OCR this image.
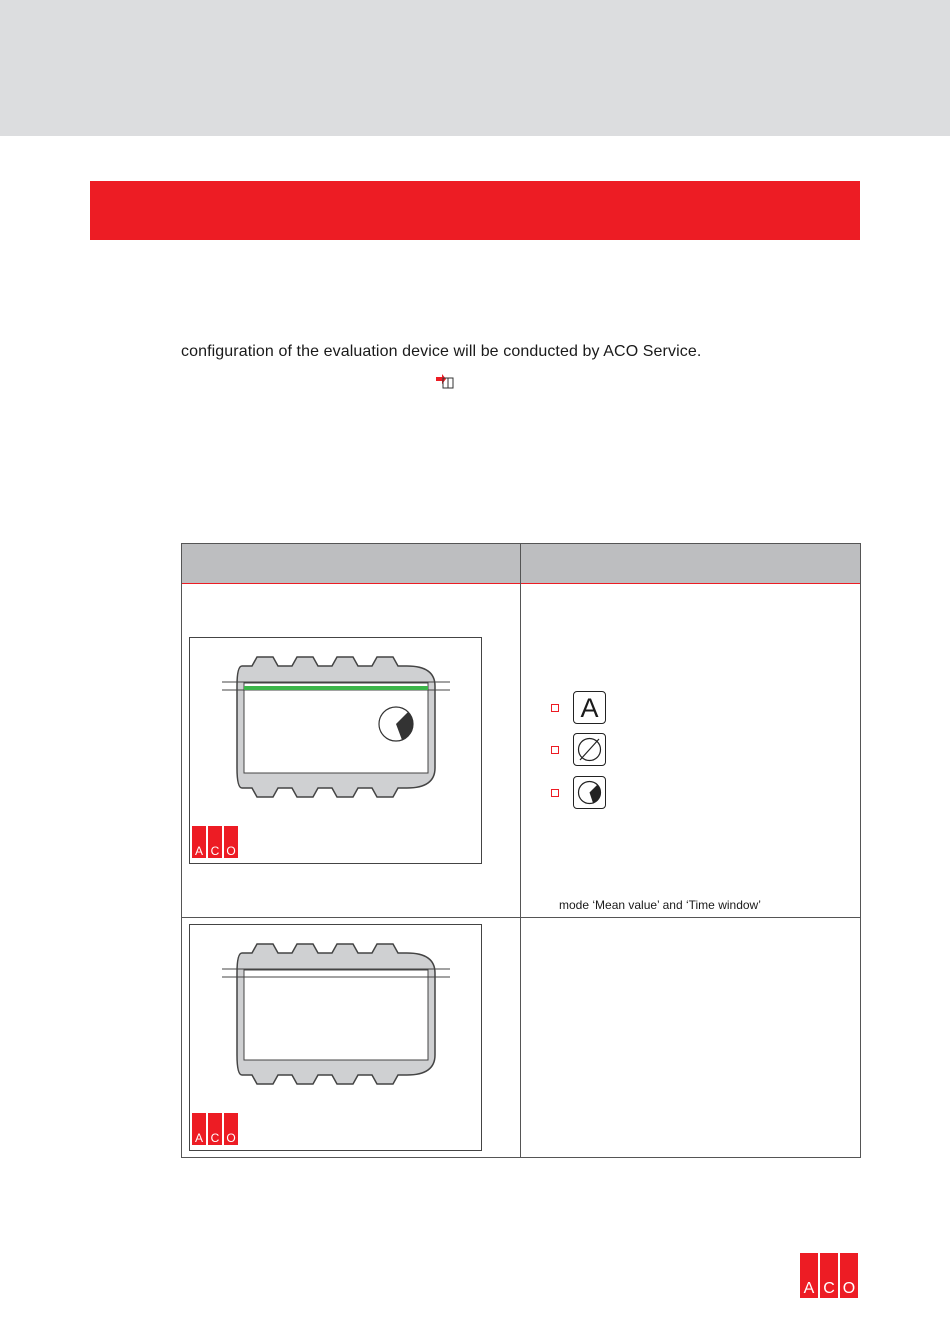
configuration of the evaluation device will be conducted by ACO Service.
A C O
A
mode ‘Mean value’ and ‘Time window’
A C O
A C O
